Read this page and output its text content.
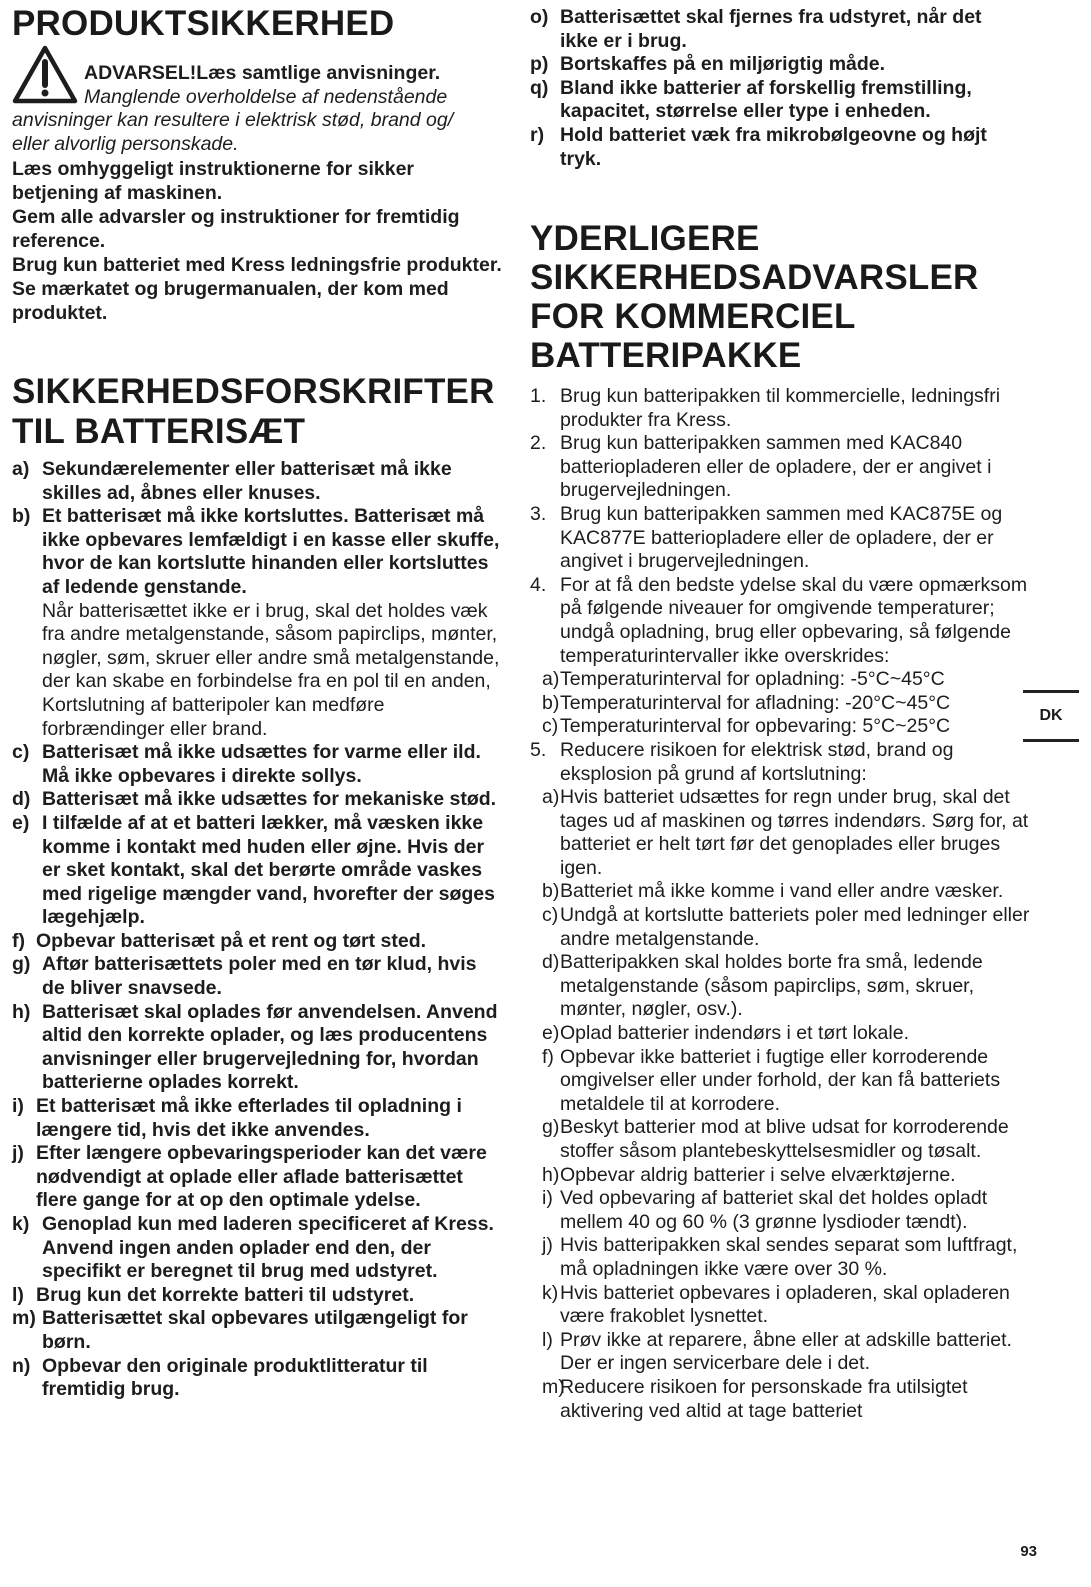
PRODUKTSIKKERHED
ADVARSEL!Læs samtlige anvisninger.
Manglende overholdelse af nedenstående
anvisninger kan resultere i elektrisk stød, brand og/
eller alvorlig personskade.

Læs omhyggeligt instruktionerne for sikker betjening af maskinen.

Gem alle advarsler og instruktioner for fremtidig reference.

Brug kun batteriet med Kress ledningsfrie produkter. Se mærkatet og brugermanualen, der kom med produktet.

SIKKERHEDSFORSKRIFTER TIL BATTERISÆT
a) Sekundærelementer eller batterisæt må ikke skilles ad, åbnes eller knuses.
b) Et batterisæt må ikke kortsluttes. Batterisæt må ikke opbevares lemfældigt i en kasse eller skuffe, hvor de kan kortslutte hinanden eller kortsluttes af ledende genstande.
Når batterisættet ikke er i brug, skal det holdes væk fra andre metalgenstande, såsom papirclips, mønter, nøgler, søm, skruer eller andre små metalgenstande, der kan skabe en forbindelse fra en pol til en anden, Kortslutning af batteripoler kan medføre forbrændinger eller brand.
c) Batterisæt må ikke udsættes for varme eller ild. Må ikke opbevares i direkte sollys.
d) Batterisæt må ikke udsættes for mekaniske stød.
e) I tilfælde af at et batteri lækker, må væsken ikke komme i kontakt med huden eller øjne. Hvis der er sket kontakt, skal det berørte område vaskes med rigelige mængder vand, hvorefter der søges lægehjælp.
f) Opbevar batterisæt på et rent og tørt sted.
g) Aftør batterisættets poler med en tør klud, hvis de bliver snavsede.
h) Batterisæt skal oplades før anvendelsen. Anvend altid den korrekte oplader, og læs producentens anvisninger eller brugervejledning for, hvordan batterierne oplades korrekt.
i) Et batterisæt må ikke efterlades til opladning i længere tid, hvis det ikke anvendes.
j) Efter længere opbevaringsperioder kan det være nødvendigt at oplade eller aflade batterisættet flere gange for at op den optimale ydelse.
k) Genoplad kun med laderen specificeret af Kress. Anvend ingen anden oplader end den, der specifikt er beregnet til brug med udstyret.
l) Brug kun det korrekte batteri til udstyret.
m) Batterisættet skal opbevares utilgængeligt for børn.
n) Opbevar den originale produktlitteratur til fremtidig brug.
o) Batterisættet skal fjernes fra udstyret, når det ikke er i brug.
p) Bortskaffes på en miljørigtig måde.
q) Bland ikke batterier af forskellig fremstilling, kapacitet, størrelse eller type i enheden.
r) Hold batteriet væk fra mikrobølgeovne og højt tryk.
YDERLIGERE SIKKERHEDSADVARSLER FOR KOMMERCIEL BATTERIPAKKE
1. Brug kun batteripakken til kommercielle, ledningsfri produkter fra Kress.
2. Brug kun batteripakken sammen med KAC840 batteriopladeren eller de opladere, der er angivet i brugervejledningen.
3. Brug kun batteripakken sammen med KAC875E og KAC877E batteriopladere eller de opladere, der er angivet i brugervejledningen.
4. For at få den bedste ydelse skal du være opmærksom på følgende niveauer for omgivende temperaturer; undgå opladning, brug eller opbevaring, så følgende temperaturintervaller ikke overskrides:
a) Temperaturinterval for opladning: -5°C~45°C
b) Temperaturinterval for afladning: -20°C~45°C
c) Temperaturinterval for opbevaring: 5°C~25°C
5. Reducere risikoen for elektrisk stød, brand og eksplosion på grund af kortslutning:
a) Hvis batteriet udsættes for regn under brug, skal det tages ud af maskinen og tørres indendørs. Sørg for, at batteriet er helt tørt før det genoplades eller bruges igen.
b) Batteriet må ikke komme i vand eller andre væsker.
c) Undgå at kortslutte batteriets poler med ledninger eller andre metalgenstande.
d) Batteripakken skal holdes borte fra små, ledende metalgenstande (såsom papirclips, søm, skruer, mønter, nøgler, osv.).
e) Oplad batterier indendørs i et tørt lokale.
f) Opbevar ikke batteriet i fugtige eller korroderende omgivelser eller under forhold, der kan få batteriets metaldele til at korrodere.
g) Beskyt batterier mod at blive udsat for korroderende stoffer såsom plantebeskyttelsesmidler og tøsalt.
h) Opbevar aldrig batterier i selve elværktøjerne.
i) Ved opbevaring af batteriet skal det holdes opladt mellem 40 og 60 % (3 grønne lysdioder tændt).
j) Hvis batteripakken skal sendes separat som luftfragt, må opladningen ikke være over 30 %.
k) Hvis batteriet opbevares i opladeren, skal opladeren være frakoblet lysnettet.
l) Prøv ikke at reparere, åbne eller at adskille batteriet. Der er ingen servicerbare dele i det.
m)
Reducere risikoen for personskade fra utilsigtet aktivering ved altid at tage batteriet
DK
93
